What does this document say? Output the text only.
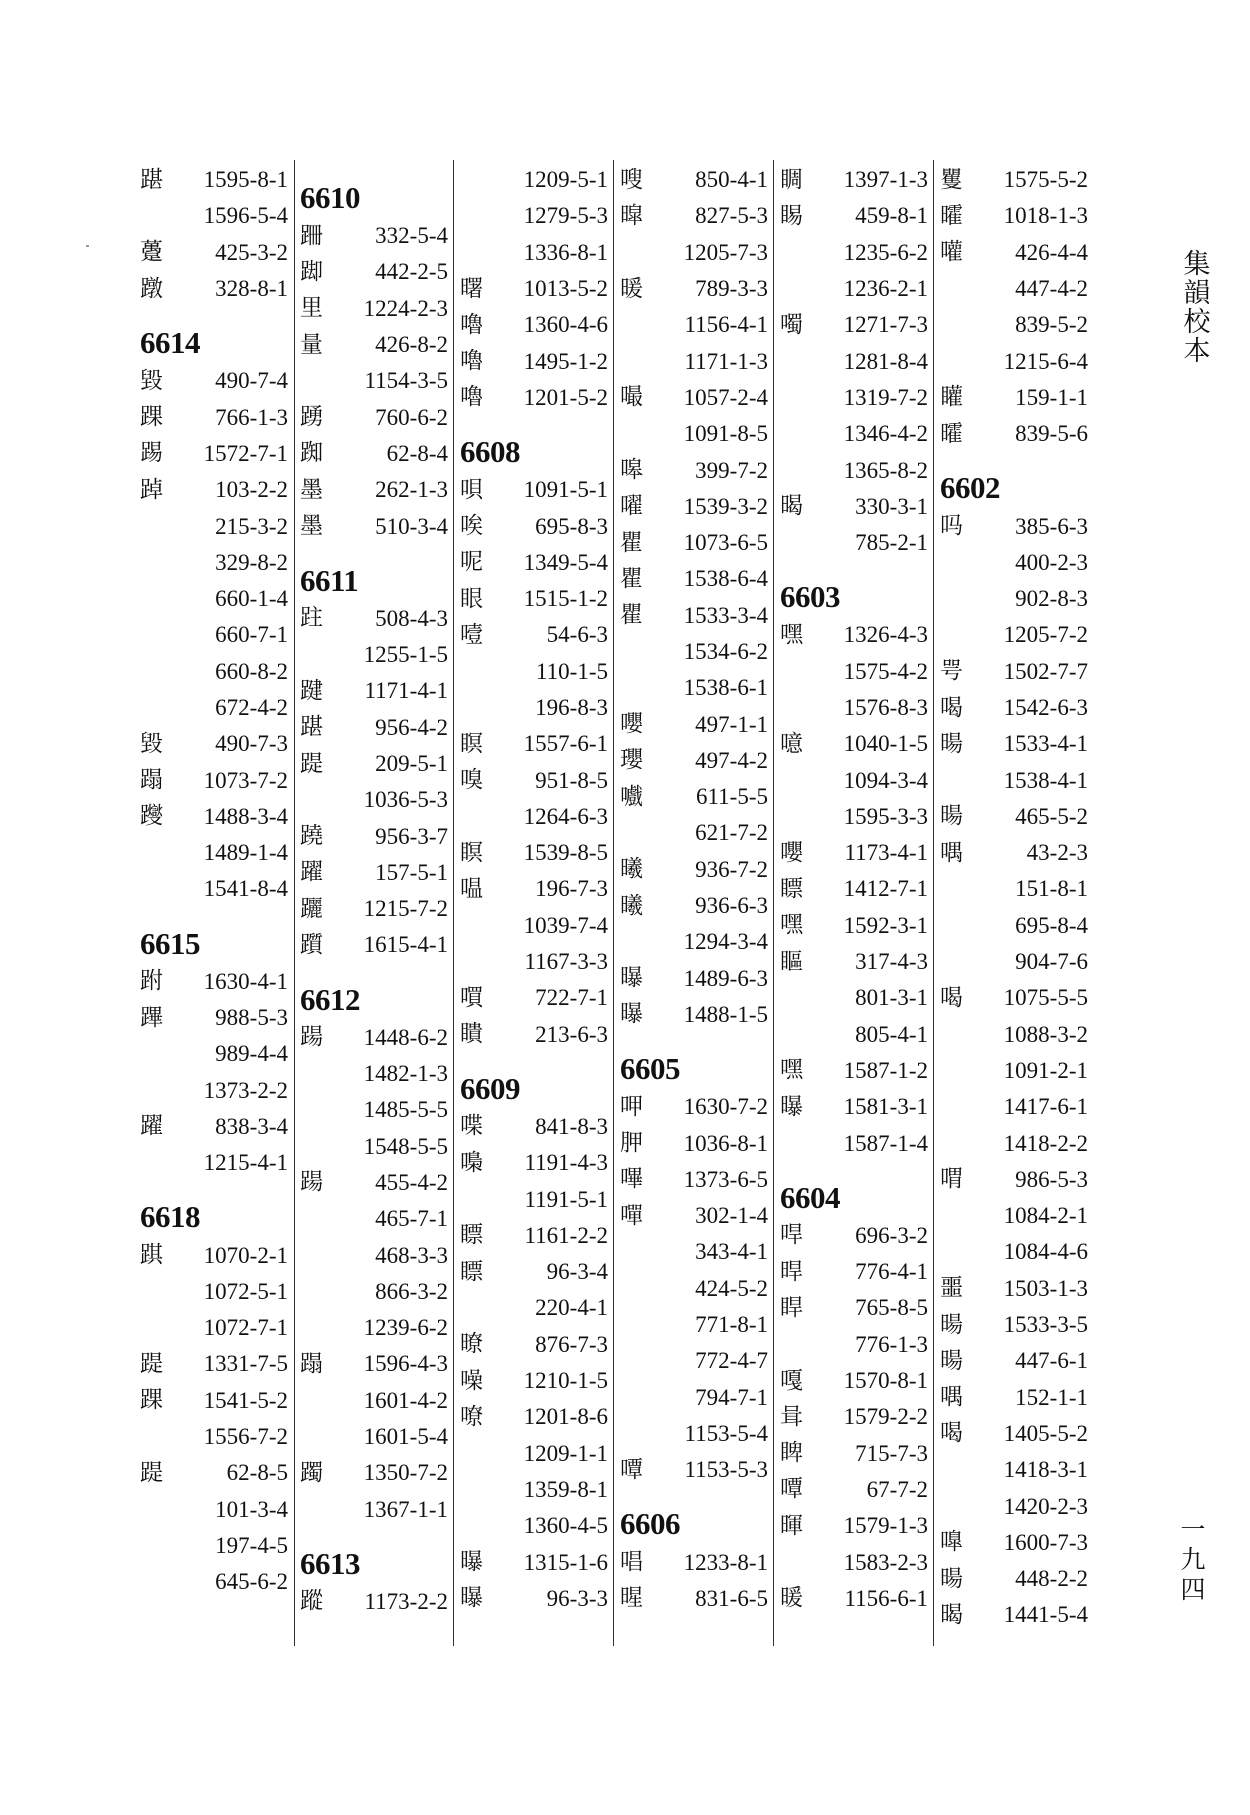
踸	1595-8-1
1596-5-4
躉	425-3-2
蹾	328-8-1
6614
毀	490-7-4
踝	766-1-3
踢	1572-7-1
踔	103-2-2
215-3-2
329-8-2
660-1-4
660-7-1
660-8-2
672-4-2
毀	490-7-3
蹋	1073-7-2
躞	1488-3-4
1489-1-4
1541-8-4
6615
跗	1630-4-1
蹕	988-5-3
989-4-4
1373-2-2
躍	838-3-4
1215-4-1
6618
踑	1070-2-1
1072-5-1
1072-7-1
踶	1331-7-5
踝	1541-5-2
1556-7-2
踶	62-8-5
101-3-4
197-4-5
645-6-2
6610
跚	332-5-4
踋	442-2-5
里	1224-2-3
量	426-8-2
1154-3-5
踴	760-6-2
踟	62-8-4
墨	262-1-3
墨	510-3-4
6611
跓	508-4-3
1255-1-5
踺	1171-4-1
踸	956-4-2
踶	209-5-1
1036-5-3
蹺	956-3-7
躍	157-5-1
躧	1215-7-2
躓	1615-4-1
6612
踼	1448-6-2
1482-1-3
1485-5-5
1548-5-5
踼	455-4-2
465-7-1
468-3-3
866-3-2
1239-6-2
蹋	1596-4-3
1601-4-2
1601-5-4
躅	1350-7-2
1367-1-1
6613
蹤	1173-2-2
1209-5-1
1279-5-3
1336-8-1
曙	1013-5-2
嚕	1360-4-6
嚕	1495-1-2
嚕	1201-5-2
6608
唄	1091-5-1
唉	695-8-3
呢	1349-5-4
眼	1515-1-2
噎	54-6-3
110-1-5
196-8-3
瞑	1557-6-1
嗅	951-8-5
1264-6-3
瞑	1539-8-5
嗢	196-7-3
1039-7-4
1167-3-3
嘪	722-7-1
瞶	213-6-3
6609
喋	841-8-3
嘄	1191-4-3
1191-5-1
瞟	1161-2-2
瞟	96-3-4
220-4-1
暸	876-7-3
噪	1210-1-5
嘹	1201-8-6
1209-1-1
1359-8-1
1360-4-5
曝	1315-1-6
曝	96-3-3
嗖	850-4-1
暭	827-5-3
1205-7-3
暖	789-3-3
1156-4-1
1171-1-3
嘬	1057-2-4
1091-8-5
嗥	399-7-2
嚁	1539-3-2
瞿	1073-6-5
瞿	1538-6-4
瞿	1533-3-4
1534-6-2
1538-6-1
嚶	497-1-1
瓔	497-4-2
嚱	611-5-5
621-7-2
曦	936-7-2
曦	936-6-3
1294-3-4
曝	1489-6-3
曝	1488-1-5
6605
呷	1630-7-2
胛	1036-8-1
嗶	1373-6-5
嘽	302-1-4
343-4-1
424-5-2
771-8-1
772-4-7
794-7-1
1153-5-4
嘾	1153-5-3
6606
唱	1233-8-1
暒	831-6-5
睭	1397-1-3
睗	459-8-1
1235-6-2
1236-2-1
噣	1271-7-3
1281-8-4
1319-7-2
1346-4-2
1365-8-2
暍	330-3-1
785-2-1
6603
嘿	1326-4-3
1575-4-2
1576-8-3
噫	1040-1-5
1094-3-4
1595-3-3
嚶	1173-4-1
瞟	1412-7-1
嘿	1592-3-1
瞘	317-4-3
801-3-1
805-4-1
嘿	1587-1-2
曝	1581-3-1
1587-1-4
6604
哻	696-3-2
晘	776-4-1
睅	765-8-5
776-1-3
嘎	1570-8-1
咠	1579-2-2
睥	715-7-3
嘾	67-7-2
暉	1579-1-3
1583-2-3
暖	1156-6-1
矍	1575-5-2
曤	1018-1-3
嚾	426-4-4
447-4-2
839-5-2
1215-6-4
矔	159-1-1
曤	839-5-6
6602
吗	385-6-3
400-2-3
902-8-3
1205-7-2
咢	1502-7-7
喝	1542-6-3
暘	1533-4-1
1538-4-1
暘	465-5-2
喁	43-2-3
151-8-1
695-8-4
904-7-6
喝	1075-5-5
1088-3-2
1091-2-1
1417-6-1
1418-2-2
喟	986-5-3
1084-2-1
1084-4-6
噩	1503-1-3
暘	1533-3-5
暘	447-6-1
喁	152-1-1
喝	1405-5-2
1418-3-1
1420-2-3
嘷	1600-7-3
暘	448-2-2
暍	1441-5-4
集
韻
校
本
一
九
四
